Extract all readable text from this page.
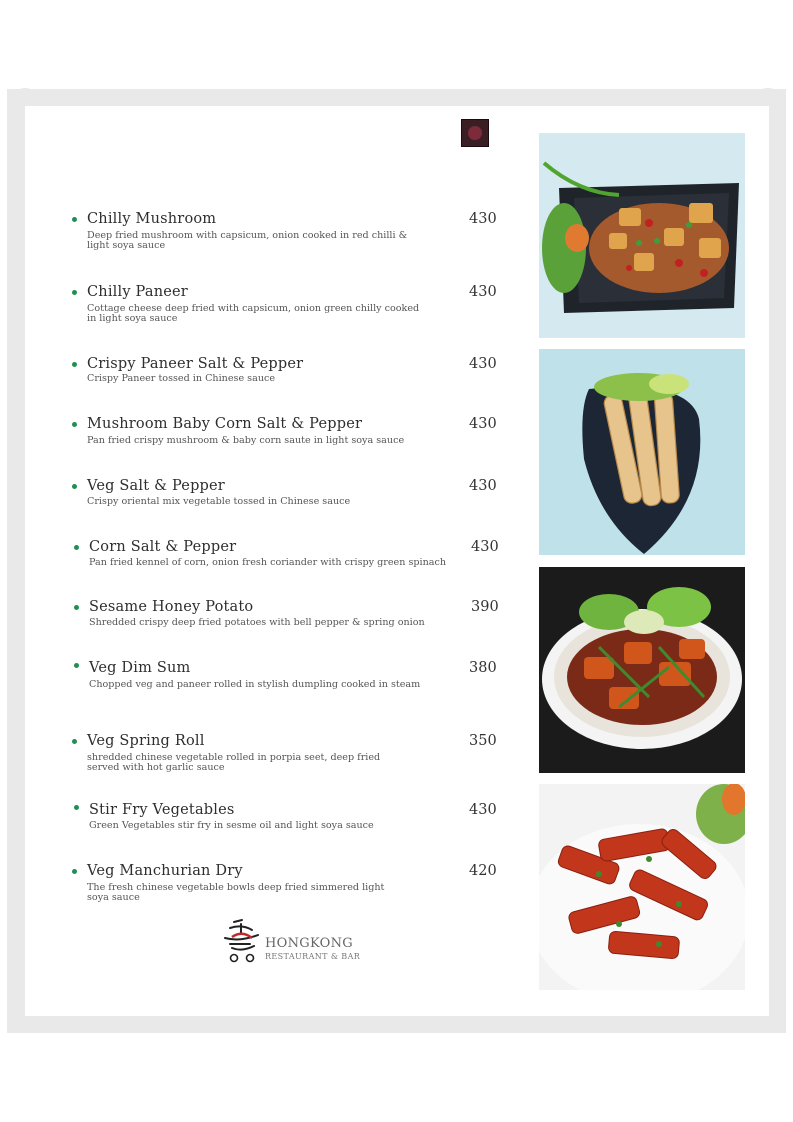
Chilly Mushroom	430
Deep fried mushroom with capsicum, onion cooked in red chilli & light soya sauce
Chilly Paneer	430
Cottage cheese deep fried with capsicum, onion green chilly cooked in light soya sauce
Crispy Paneer Salt & Pepper	430
Crispy Paneer tossed in Chinese sauce
Mushroom Baby Corn Salt & Pepper	430
Pan fried crispy mushroom & baby corn saute in light soya sauce
Veg Salt & Pepper	430
Crispy oriental mix vegetable tossed in Chinese sauce
Corn Salt & Pepper	430
Pan fried kennel of corn, onion fresh coriander with crispy green spinach
Sesame Honey Potato	390
Shredded crispy deep fried potatoes with bell pepper & spring onion
Veg Dim Sum	380
Chopped veg and paneer rolled in stylish dumpling cooked in steam
Veg Spring Roll	350
shredded chinese vegetable rolled in porpia seet, deep fried served with hot garlic sauce
Stir Fry Vegetables	430
Green Vegetables stir fry in sesme oil and light soya sauce
Veg Manchurian Dry	420
The fresh chinese vegetable bowls deep fried simmered light soya sauce
HONGKONG
RESTAURANT & BAR
